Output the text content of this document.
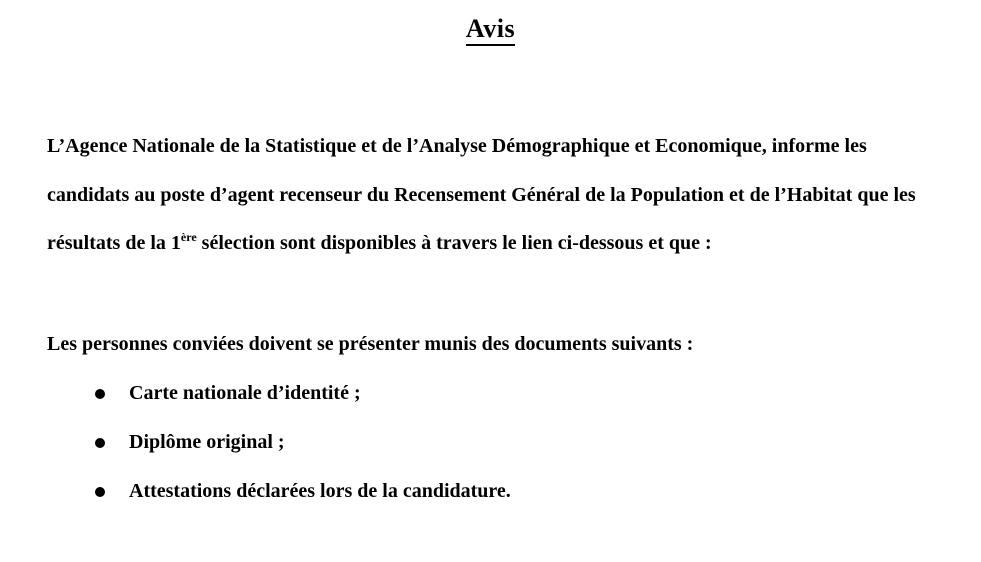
Avis

L’Agence Nationale de la Statistique et de l’Analyse Démographique et Economique, informe les candidats au poste d’agent recenseur du Recensement Général de la Population et de l’Habitat que les résultats de la 1ère sélection sont disponibles à travers le lien ci-dessous et que :

Les personnes conviées doivent se présenter munis des documents suivants :

Carte nationale d’identité ;
Diplôme original ;
Attestations déclarées lors de la candidature.
